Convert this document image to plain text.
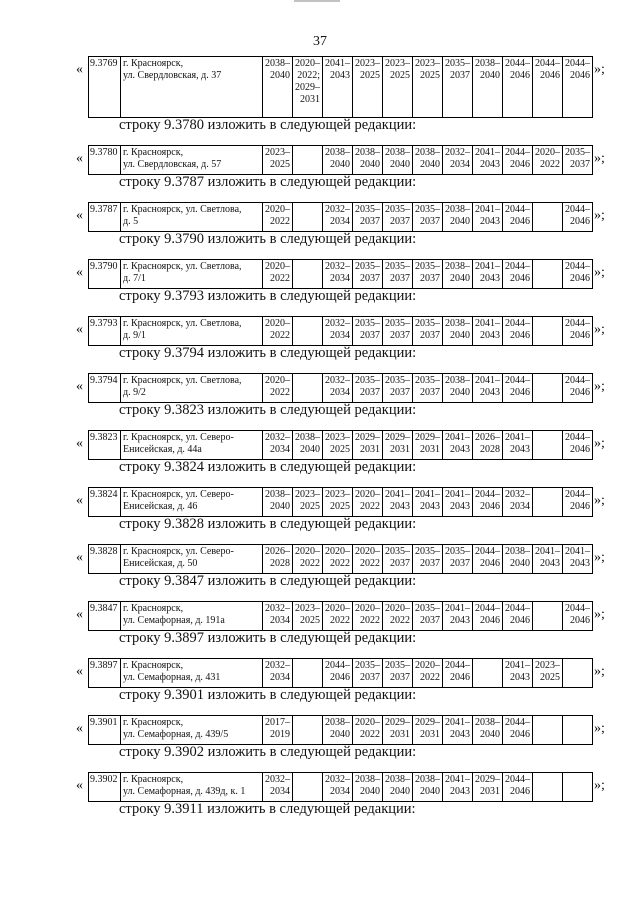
37
« 9.3769 г. Красноярск,
ул. Свердловская, д. 37
2038–
2040
2020–
2022;
2029–
2031
2041–
2043
2023–
2025
2023–
2025
2023–
2025
2035–
2037
2038–
2040
2044–
2046
2044–
2046
2044–
2046 »;
строку 9.3780 изложить в следующей редакции:
« 9.3780 г. Красноярск,
ул. Свердловская, д. 57
2023–
2025
2038–
2040
2038–
2040
2038–
2040
2038–
2040
2032–
2034
2041–
2043
2044–
2046
2020–
2022
2035–
2037 »;
строку 9.3787 изложить в следующей редакции:
« 9.3787 г. Красноярск, ул. Светлова,
д. 5
2020–
2022
2032–
2034
2035–
2037
2035–
2037
2035–
2037
2038–
2040
2041–
2043
2044–
2046
2044–
2046 »;
строку 9.3790 изложить в следующей редакции:
« 9.3790 г. Красноярск, ул. Светлова,
д. 7/1
2020–
2022
2032–
2034
2035–
2037
2035–
2037
2035–
2037
2038–
2040
2041–
2043
2044–
2046
2044–
2046 »;
строку 9.3793 изложить в следующей редакции:
« 9.3793 г. Красноярск, ул. Светлова,
д. 9/1
2020–
2022
2032–
2034
2035–
2037
2035–
2037
2035–
2037
2038–
2040
2041–
2043
2044–
2046
2044–
2046 »;
строку 9.3794 изложить в следующей редакции:
« 9.3794 г. Красноярск, ул. Светлова,
д. 9/2
2020–
2022
2032–
2034
2035–
2037
2035–
2037
2035–
2037
2038–
2040
2041–
2043
2044–
2046
2044–
2046 »;
строку 9.3823 изложить в следующей редакции:
« 9.3823 г. Красноярск, ул. Северо-
Енисейская, д. 44а
2032–
2034
2038–
2040
2023–
2025
2029–
2031
2029–
2031
2029–
2031
2041–
2043
2026–
2028
2041–
2043
2044–
2046 »;
строку 9.3824 изложить в следующей редакции:
« 9.3824 г. Красноярск, ул. Северо-
Енисейская, д. 46
2038–
2040
2023–
2025
2023–
2025
2020–
2022
2041–
2043
2041–
2043
2041–
2043
2044–
2046
2032–
2034
2044–
2046 »;
строку 9.3828 изложить в следующей редакции:
« 9.3828 г. Красноярск, ул. Северо-
Енисейская, д. 50
2026–
2028
2020–
2022
2020–
2022
2020–
2022
2035–
2037
2035–
2037
2035–
2037
2044–
2046
2038–
2040
2041–
2043
2041–
2043 »;
строку 9.3847 изложить в следующей редакции:
« 9.3847 г. Красноярск,
ул. Семафорная, д. 191а
2032–
2034
2023–
2025
2020–
2022
2020–
2022
2020–
2022
2035–
2037
2041–
2043
2044–
2046
2044–
2046
2044–
2046 »;
строку 9.3897 изложить в следующей редакции:
« 9.3897 г. Красноярск,
ул. Семафорная, д. 431
2032–
2034
2044–
2046
2035–
2037
2035–
2037
2020–
2022
2044–
2046
2041–
2043
2023–
2025 »;
строку 9.3901 изложить в следующей редакции:
« 9.3901 г. Красноярск,
ул. Семафорная, д. 439/5
2017–
2019
2038–
2040
2020–
2022
2029–
2031
2029–
2031
2041–
2043
2038–
2040
2044–
2046	»;
строку 9.3902 изложить в следующей редакции:
« 9.3902 г. Красноярск,
ул. Семафорная, д. 439д, к. 1
2032–
2034
2032–
2034
2038–
2040
2038–
2040
2038–
2040
2041–
2043
2029–
2031
2044–
2046	»;
строку 9.3911 изложить в следующей редакции:
